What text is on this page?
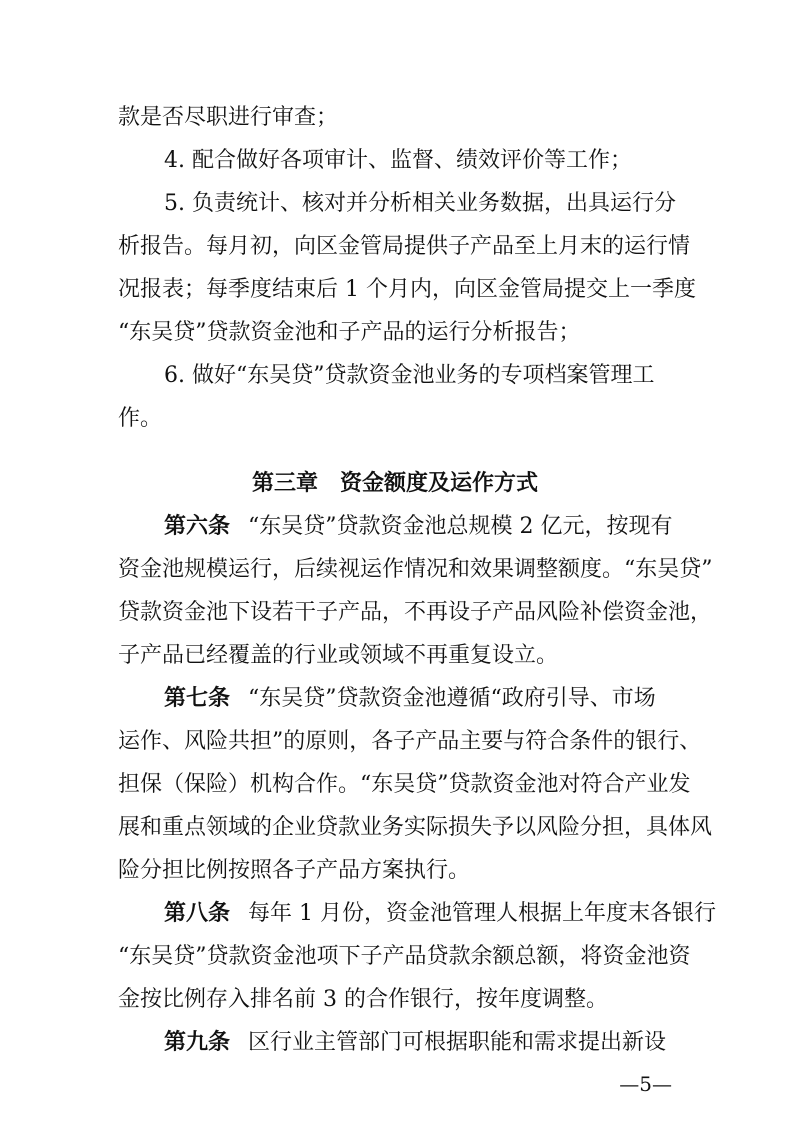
款是否尽职进行审查；
4. 配合做好各项审计、监督、绩效评价等工作；
5. 负责统计、核对并分析相关业务数据，出具运行分
析报告。每月初，向区金管局提供子产品至上月末的运行情
况报表；每季度结束后 1 个月内，向区金管局提交上一季度
“东吴贷”贷款资金池和子产品的运行分析报告；
6. 做好“东吴贷”贷款资金池业务的专项档案管理工
作。
第三章　资金额度及运作方式
第六条 “东吴贷”贷款资金池总规模 2 亿元，按现有
资金池规模运行，后续视运作情况和效果调整额度。“东吴贷”
贷款资金池下设若干子产品，不再设子产品风险补偿资金池，
子产品已经覆盖的行业或领域不再重复设立。
第七条 “东吴贷”贷款资金池遵循“政府引导、市场
运作、风险共担”的原则，各子产品主要与符合条件的银行、
担保（保险）机构合作。“东吴贷”贷款资金池对符合产业发
展和重点领域的企业贷款业务实际损失予以风险分担，具体风
险分担比例按照各子产品方案执行。
第八条 每年 1 月份，资金池管理人根据上年度末各银行
“东吴贷”贷款资金池项下子产品贷款余额总额，将资金池资
金按比例存入排名前 3 的合作银行，按年度调整。
第九条 区行业主管部门可根据职能和需求提出新设
—5—
